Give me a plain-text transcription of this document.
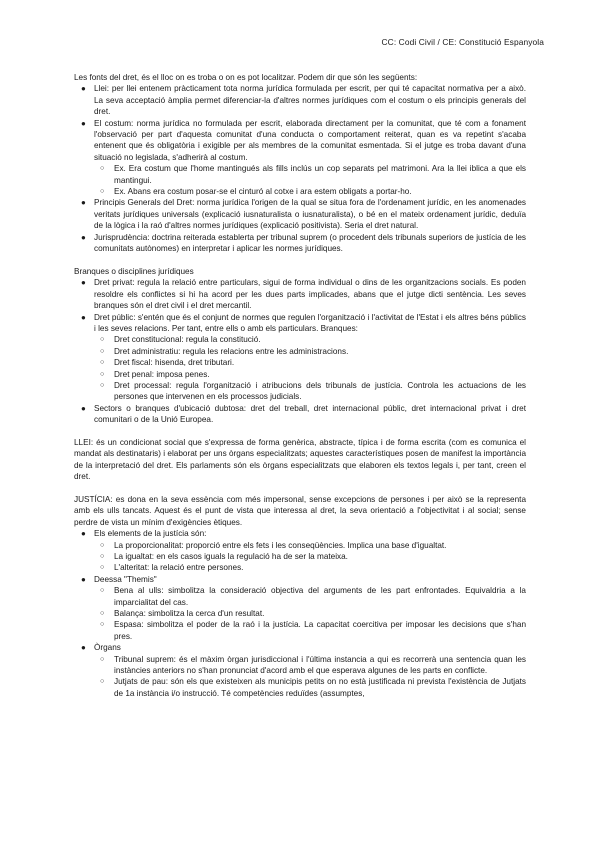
CC: Codi Civil / CE: Constitució Espanyola

Les fonts del dret, és el lloc on es troba o on es pot localitzar. Podem dir que són les següents:

● Llei: per llei entenem pràcticament tota norma jurídica formulada per escrit, per qui té capacitat normativa per a això. La seva acceptació àmplia permet diferenciar-la d'altres normes jurídiques com el costum o els principis generals del dret.
● El costum: norma jurídica no formulada per escrit, elaborada directament per la comunitat, que té com a fonament l'observació per part d'aquesta comunitat d'una conducta o comportament reiterat, quan es va repetint s'acaba entenent que és obligatòria i exigible per als membres de la comunitat esmentada. Si el jutge es troba davant d'una situació no legislada, s'adherirà al costum.
○ Ex. Era costum que l'home mantingués als fills inclús un cop separats pel matrimoni. Ara la llei iblica a que els mantingui.
○ Ex. Abans era costum posar-se el cinturó al cotxe i ara estem obligats a portar-ho.
● Principis Generals del Dret: norma jurídica l'origen de la qual se situa fora de l'ordenament jurídic, en les anomenades veritats jurídiques universals (explicació iusnaturalista o iusnaturalista), o bé en el mateix ordenament jurídic, deduïa de la lògica i la raó d'altres normes jurídiques (explicació positivista). Seria el dret natural.
● Jurisprudència: doctrina reiterada establerta per tribunal suprem (o procedent dels tribunals superiors de justícia de les comunitats autònomes) en interpretar i aplicar les normes jurídiques.

Branques o disciplines jurídiques

● Dret privat: regula la relació entre particulars, sigui de forma individual o dins de les organitzacions socials. Es poden resoldre els conflictes si hi ha acord per les dues parts implicades, abans que el jutge dicti sentència. Les seves branques són el dret civil i el dret mercantil.
● Dret públic: s'entén que és el conjunt de normes que regulen l'organització i l'activitat de l'Estat i els altres béns públics i les seves relacions. Per tant, entre ells o amb els particulars. Branques:
○ Dret constitucional: regula la constitució.
○ Dret administratiu: regula les relacions entre les administracions.
○ Dret fiscal: hisenda, dret tributari.
○ Dret penal: imposa penes.
○ Dret processal: regula l'organització i atribucions dels tribunals de justícia. Controla les actuacions de les persones que intervenen en els processos judicials.
● Sectors o branques d'ubicació dubtosa: dret del treball, dret internacional públic, dret internacional privat i dret comunitari o de la Unió Europea.

LLEI: és un condicionat social que s'expressa de forma genèrica, abstracte, típica i de forma escrita (com es comunica el mandat als destinataris) i elaborat per uns òrgans especialitzats; aquestes característiques posen de manifest la importància de la interpretació del dret. Els parlaments són els òrgans especialitzats que elaboren els textos legals i, per tant, creen el dret.

JUSTÍCIA: es dona en la seva essència com més impersonal, sense excepcions de persones i per això se la representa amb els ulls tancats. Aquest és el punt de vista que interessa al dret, la seva orientació a l'objectivitat i al social; sense perdre de vista un mínim d'exigències ètiques.

● Els elements de la justícia són:
○ La proporcionalitat: proporció entre els fets i les conseqüències. Implica una base d'igualtat.
○ La igualtat: en els casos iguals la regulació ha de ser la mateixa.
○ L'alteritat: la relació entre persones.
● Deessa "Themis"
○ Bena al ulls: simbolitza la consideració objectiva del arguments de les part enfrontades. Equivaldria a la imparcialitat del cas.
○ Balança: simbolitza la cerca d'un resultat.
○ Espasa: simbolitza el poder de la raó i la justícia. La capacitat coercitiva per imposar les decisions que s'han pres.
● Òrgans
○ Tribunal suprem: és el màxim òrgan jurisdiccional i l'última instancia a qui es recorrerà una sentencia quan les instàncies anteriors no s'han pronunciat d'acord amb el que esperava algunes de les parts en conflicte.
○ Jutjats de pau: són els que existeixen als municipis petits on no està justificada ni prevista l'existència de Jutjats de 1a instància i/o instrucció. Té competències reduïdes (assumptes,
